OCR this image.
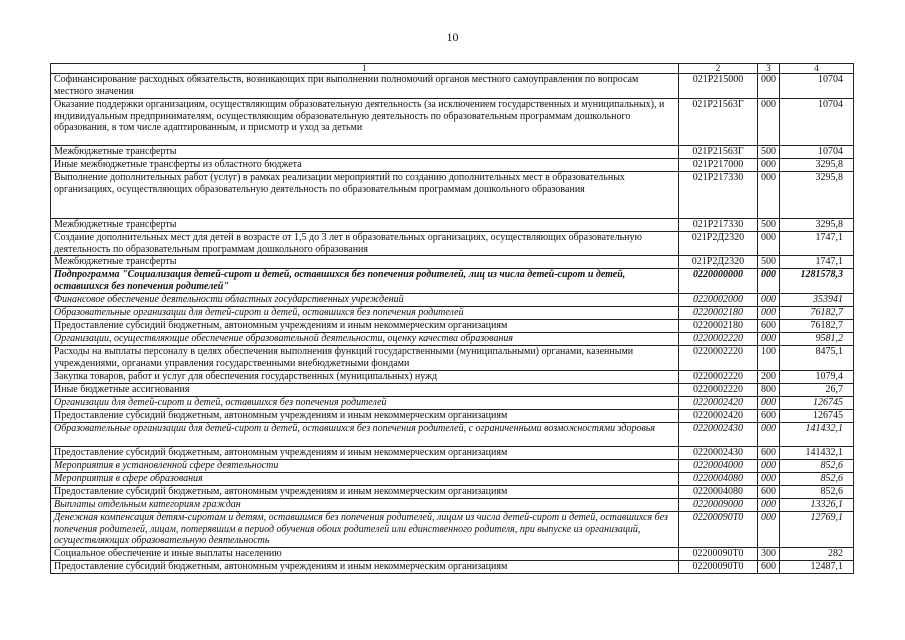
10
1	2	3	4
Софинансирование расходных обязательств, возникающих при выполнении полномочий органов местного самоуправления по вопросам местного значения	021P215000	000	10704
Оказание поддержки организациям, осуществляющим образовательную деятельность (за исключением государственных и муниципальных), и индивидуальным предпринимателям, осуществляющим образовательную деятельность по образовательным программам дошкольного образования, в том числе адаптированным, и присмотр и уход за детьми	021P21563Г	000	10704
Межбюджетные трансферты	021P21563Г	500	10704
Иные межбюджетные трансферты из областного бюджета	021P217000	000	3295,8
Выполнение дополнительных работ (услуг) в рамках реализации мероприятий по созданию дополнительных мест в образовательных организациях, осуществляющих образовательную деятельность по образовательным программам дошкольного образования	021P217330	000	3295,8
Межбюджетные трансферты	021P217330	500	3295,8
Создание дополнительных мест для детей в возрасте от 1,5 до 3 лет в образовательных организациях, осуществляющих образовательную деятельность по образовательным программам дошкольного образования	021P2Д2320	000	1747,1
Межбюджетные трансферты	021P2Д2320	500	1747,1
Подпрограмма "Социализация детей-сирот и детей, оставшихся без попечения родителей, лиц из числа детей-сирот и детей, оставшихся без попечения родителей"	0220000000	000	1281578,3
Финансовое обеспечение деятельности областных государственных учреждений	0220002000	000	353941
Образовательные организации для детей-сирот и детей, оставшихся без попечения родителей	0220002180	000	76182,7
Предоставление субсидий бюджетным, автономным учреждениям и иным некоммерческим организациям	0220002180	600	76182,7
Организации, осуществляющие обеспечение образовательной деятельности, оценку качества образования	0220002220	000	9581,2
Расходы на выплаты персоналу в целях обеспечения выполнения функций государственными (муниципальными) органами, казенными учреждениями, органами управления государственными внебюджетными фондами	0220002220	100	8475,1
Закупка товаров, работ и услуг для обеспечения государственных (муниципальных) нужд	0220002220	200	1079,4
Иные бюджетные ассигнования	0220002220	800	26,7
Организации для детей-сирот и детей, оставшихся без попечения родителей	0220002420	000	126745
Предоставление субсидий бюджетным, автономным учреждениям и иным некоммерческим организациям	0220002420	600	126745
Образовательные организации для детей-сирот и детей, оставшихся без попечения родителей, с ограниченными возможностями здоровья	0220002430	000	141432,1
Предоставление субсидий бюджетным, автономным учреждениям и иным некоммерческим организациям	0220002430	600	141432,1
Мероприятия в установленной сфере деятельности	0220004000	000	852,6
Мероприятия в сфере образования	0220004080	000	852,6
Предоставление субсидий бюджетным, автономным учреждениям и иным некоммерческим организациям	0220004080	600	852,6
Выплаты отдельным категориям граждан	0220009000	000	13326,1
Денежная компенсация детям-сиротам и детям, оставшимся без попечения родителей, лицам из числа детей-сирот и детей, оставшихся без попечения родителей, лицам, потерявшим в период обучения обоих родителей или единственного родителя, при выпуске из организаций, осуществляющих образовательную деятельность	02200090T0	000	12769,1
Социальное обеспечение и иные выплаты населению	02200090T0	300	282
Предоставление субсидий бюджетным, автономным учреждениям и иным некоммерческим организациям	02200090T0	600	12487,1
